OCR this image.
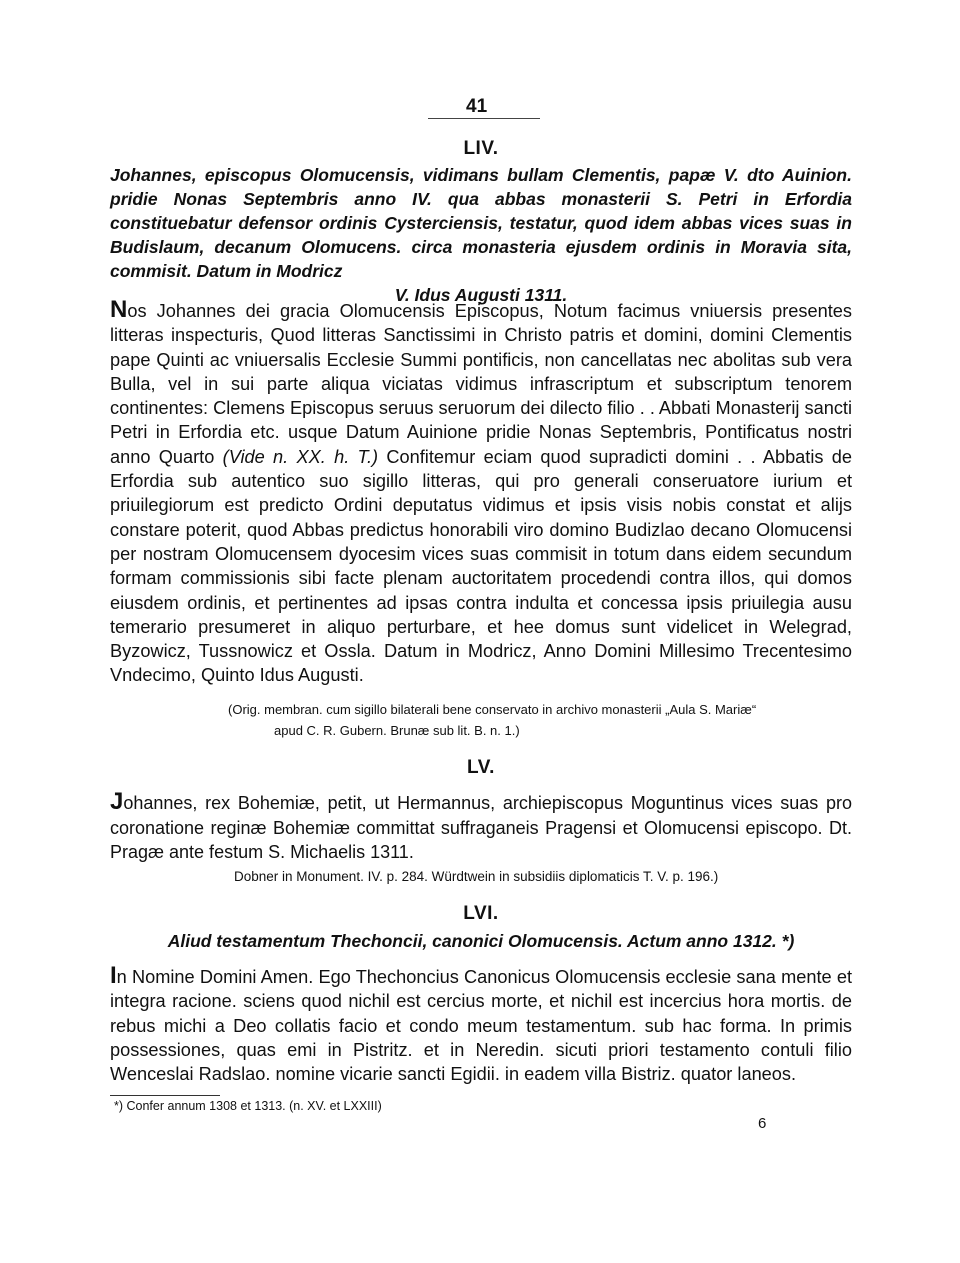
41
LIV.
Johannes, episcopus Olomucensis, vidimans bullam Clementis, papæ V. dto Auinion. pridie Nonas Septembris anno IV. qua abbas monasterii S. Petri in Erfordia constituebatur defensor ordinis Cysterciensis, testatur, quod idem abbas vices suas in Budislaum, decanum Olomucens. circa monasteria ejusdem ordinis in Moravia sita, commisit. Datum in Modricz
V. Idus Augusti 1311.
Nos Johannes dei gracia Olomucensis Episcopus, Notum facimus vniuersis presentes litteras inspecturis, Quod litteras Sanctissimi in Christo patris et domini, domini Clementis pape Quinti ac vniuersalis Ecclesie Summi pontificis, non cancellatas nec abolitas sub vera Bulla, vel in sui parte aliqua viciatas vidimus infrascriptum et subscriptum tenorem continentes: Clemens Episcopus seruus seruorum dei dilecto filio . . Abbati Monasterij sancti Petri in Erfordia etc. usque Datum Auinione pridie Nonas Septembris, Pontificatus nostri anno Quarto (Vide n. XX. h. T.) Confitemur eciam quod supradicti domini . . Abbatis de Erfordia sub autentico suo sigillo litteras, qui pro generali conseruatore iurium et priuilegiorum est predicto Ordini deputatus vidimus et ipsis visis nobis constat et alijs constare poterit, quod Abbas predictus honorabili viro domino Budizlao decano Olomucensi per nostram Olomucensem dyocesim vices suas commisit in totum dans eidem secundum formam commissionis sibi facte plenam auctoritatem procedendi contra illos, qui domos eiusdem ordinis, et pertinentes ad ipsas contra indulta et concessa ipsis priuilegia ausu temerario presumeret in aliquo perturbare, et hee domus sunt videlicet in Welegrad, Byzowicz, Tussnowicz et Ossla. Datum in Modricz, Anno Domini Millesimo Trecentesimo Vndecimo, Quinto Idus Augusti.
(Orig. membran. cum sigillo bilaterali bene conservato in archivo monasterii „Aula S. Mariæ“
apud C. R. Gubern. Brunæ sub lit. B. n. 1.)
LV.
Johannes, rex Bohemiæ, petit, ut Hermannus, archiepiscopus Moguntinus vices suas pro coronatione reginæ Bohemiæ committat suffraganeis Pragensi et Olomucensi episcopo. Dt. Pragæ ante festum S. Michaelis 1311.
Dobner in Monument. IV. p. 284. Würdtwein in subsidiis diplomaticis T. V. p. 196.)
LVI.
Aliud testamentum Thechoncii, canonici Olomucensis. Actum anno 1312. *)
In Nomine Domini Amen. Ego Thechoncius Canonicus Olomucensis ecclesie sana mente et integra racione. sciens quod nichil est cercius morte, et nichil est incercius hora mortis. de rebus michi a Deo collatis facio et condo meum testamentum. sub hac forma. In primis possessiones, quas emi in Pistritz. et in Neredin. sicuti priori testamento contuli filio Wenceslai Radslao. nomine vicarie sancti Egidii. in eadem villa Bistriz. quator laneos.
*) Confer annum 1308 et 1313. (n. XV. et LXXIII)
6
